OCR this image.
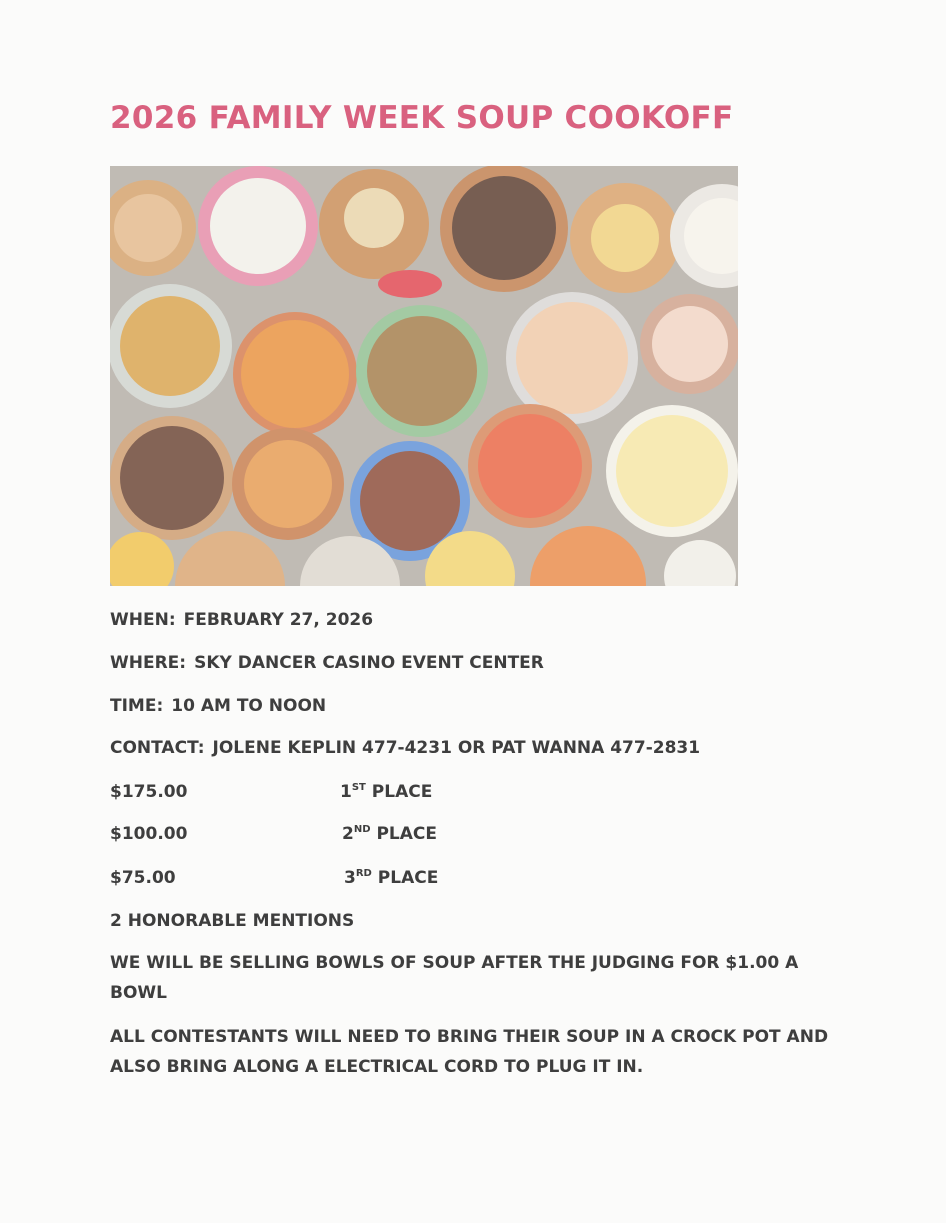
2026 FAMILY WEEK SOUP COOKOFF
WHEN: FEBRUARY 27, 2026
WHERE: SKY DANCER CASINO EVENT CENTER
TIME: 10 AM TO NOON
CONTACT: JOLENE KEPLIN 477-4231 OR PAT WANNA 477-2831
$175.00	1ST PLACE
$100.00	2ND PLACE
$75.00	3RD PLACE
2 HONORABLE MENTIONS
WE WILL BE SELLING BOWLS OF SOUP AFTER THE JUDGING FOR $1.00 A BOWL
ALL CONTESTANTS WILL NEED TO BRING THEIR SOUP IN A CROCK POT AND ALSO BRING ALONG A ELECTRICAL CORD TO PLUG IT IN.
